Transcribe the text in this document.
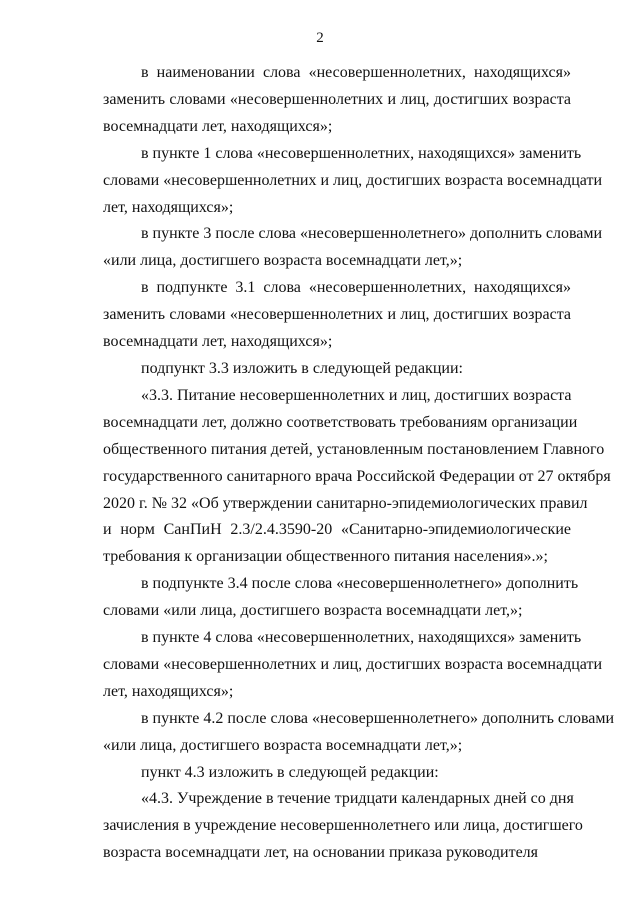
2
в наименовании слова «несовершеннолетних, находящихся»
заменить словами «несовершеннолетних и лиц, достигших возраста
восемнадцати лет, находящихся»;
в пункте 1 слова «несовершеннолетних, находящихся» заменить
словами «несовершеннолетних и лиц, достигших возраста восемнадцати
лет, находящихся»;
в пункте 3 после слова «несовершеннолетнего» дополнить словами
«или лица, достигшего возраста восемнадцати лет,»;
в подпункте 3.1 слова «несовершеннолетних, находящихся»
заменить словами «несовершеннолетних и лиц, достигших возраста
восемнадцати лет, находящихся»;
подпункт 3.3 изложить в следующей редакции:
«3.3. Питание несовершеннолетних и лиц, достигших возраста
восемнадцати лет, должно соответствовать требованиям организации
общественного питания детей, установленным постановлением Главного
государственного санитарного врача Российской Федерации от 27 октября
2020 г. № 32 «Об утверждении санитарно-эпидемиологических правил
и норм СанПиН 2.3/2.4.3590-20 «Санитарно-эпидемиологические
требования к организации общественного питания населения».»;
в подпункте 3.4 после слова «несовершеннолетнего» дополнить
словами «или лица, достигшего возраста восемнадцати лет,»;
в пункте 4 слова «несовершеннолетних, находящихся» заменить
словами «несовершеннолетних и лиц, достигших возраста восемнадцати
лет, находящихся»;
в пункте 4.2 после слова «несовершеннолетнего» дополнить словами
«или лица, достигшего возраста восемнадцати лет,»;
пункт 4.3 изложить в следующей редакции:
«4.3. Учреждение в течение тридцати календарных дней со дня
зачисления в учреждение несовершеннолетнего или лица, достигшего
возраста восемнадцати лет, на основании приказа руководителя
